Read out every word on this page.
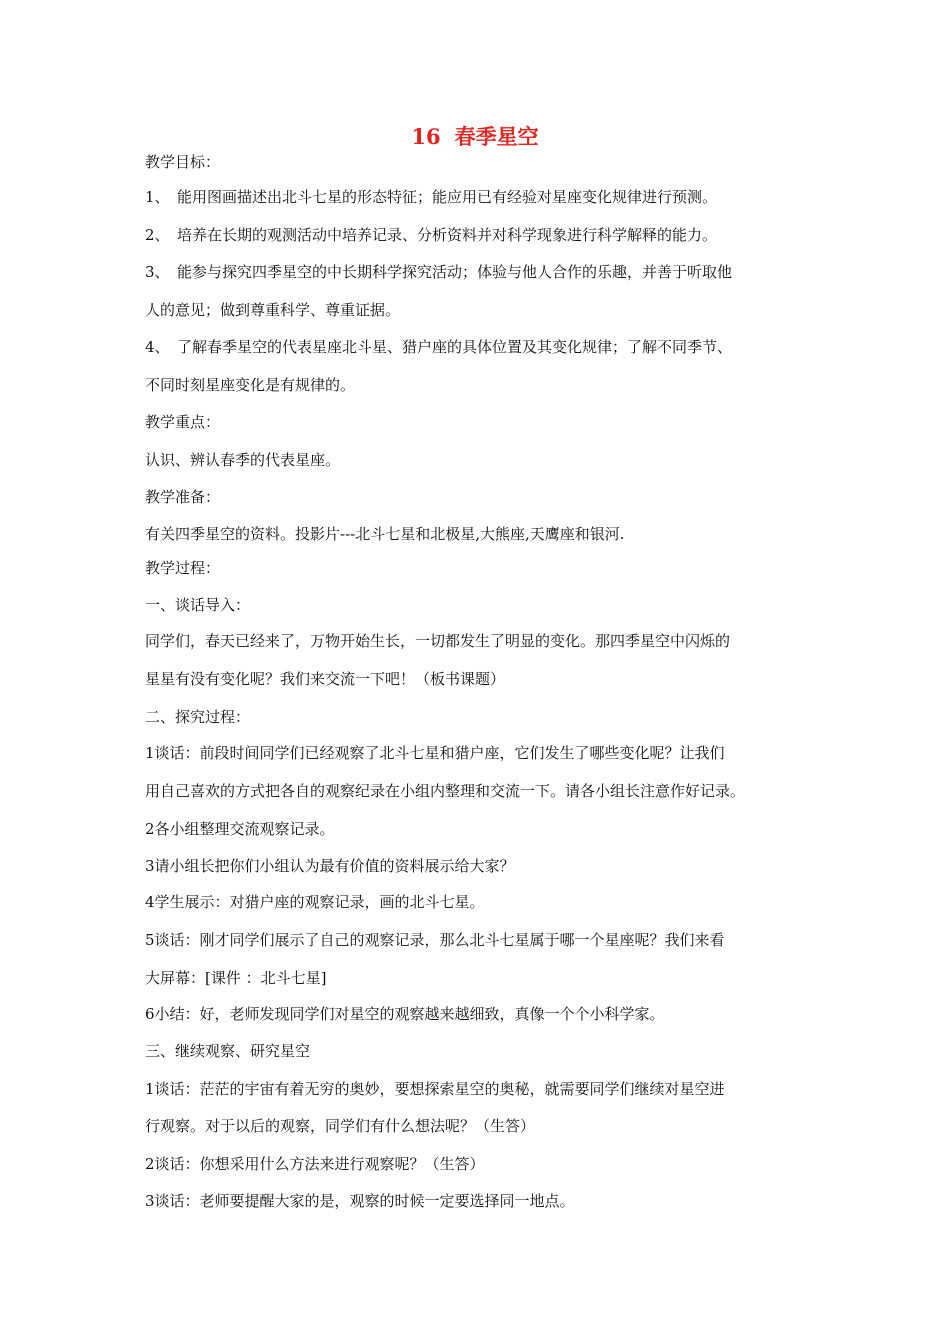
16 春季星空
教学目标：
1、　能用图画描述出北斗七星的形态特征；能应用已有经验对星座变化规律进行预测。
2、　培养在长期的观测活动中培养记录、分析资料并对科学现象进行科学解释的能力。
3、　能参与探究四季星空的中长期科学探究活动；体验与他人合作的乐趣，并善于听取他
人的意见；做到尊重科学、尊重证据。
4、　了解春季星空的代表星座北斗星、猎户座的具体位置及其变化规律；了解不同季节、
不同时刻星座变化是有规律的。
教学重点：
认识、辨认春季的代表星座。
教学准备：
有关四季星空的资料。投影片---北斗七星和北极星,大熊座,天鹰座和银河.
教学过程：
一、谈话导入：
同学们，春天已经来了，万物开始生长，一切都发生了明显的变化。那四季星空中闪烁的
星星有没有变化呢？我们来交流一下吧！（板书课题）
二、探究过程：
1谈话：前段时间同学们已经观察了北斗七星和猎户座，它们发生了哪些变化呢？让我们
用自己喜欢的方式把各自的观察纪录在小组内整理和交流一下。请各小组长注意作好记录。
2各小组整理交流观察记录。
3请小组长把你们小组认为最有价值的资料展示给大家？
4学生展示：对猎户座的观察记录，画的北斗七星。
5谈话：刚才同学们展示了自己的观察记录，那么北斗七星属于哪一个星座呢？我们来看
大屏幕：[课件 ：北斗七星]
6小结：好，老师发现同学们对星空的观察越来越细致，真像一个个小科学家。
三、继续观察、研究星空
1谈话：茫茫的宇宙有着无穷的奥妙，要想探索星空的奥秘，就需要同学们继续对星空进
行观察。对于以后的观察，同学们有什么想法呢？（生答）
2谈话：你想采用什么方法来进行观察呢？（生答）
3谈话：老师要提醒大家的是，观察的时候一定要选择同一地点。
